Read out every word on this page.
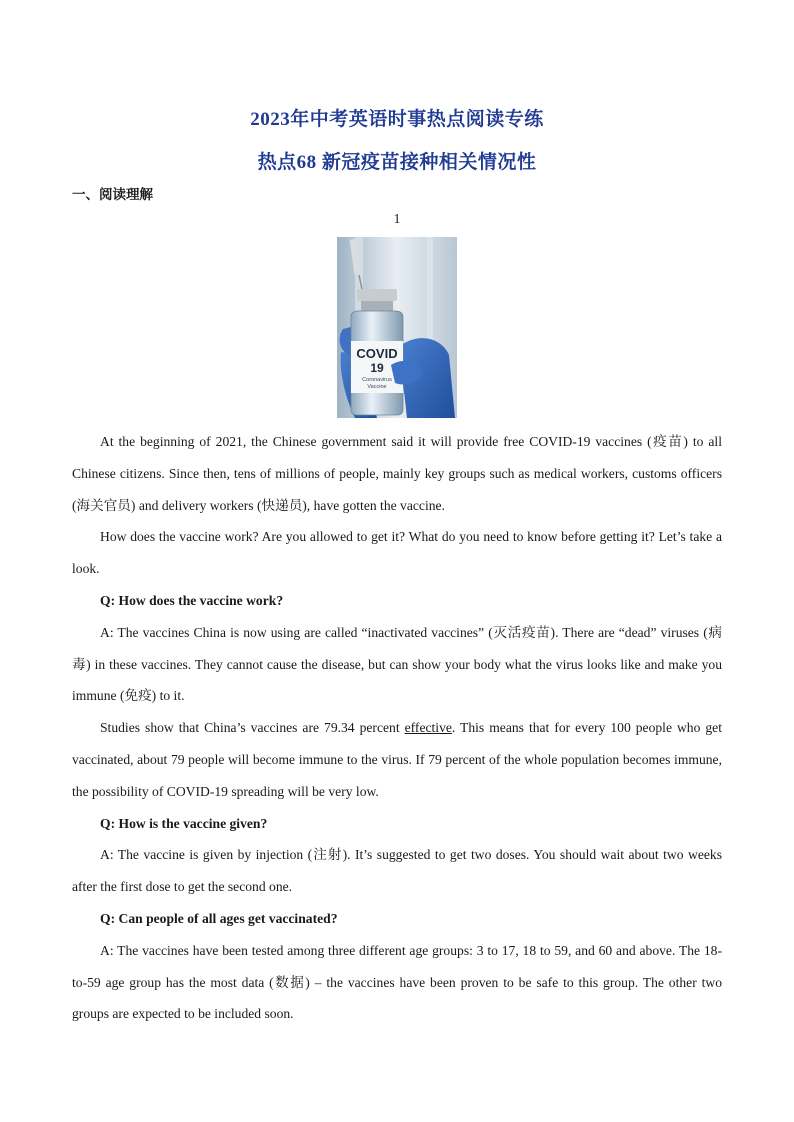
2023年中考英语时事热点阅读专练
热点68 新冠疫苗接种相关情况性
一、阅读理解
1
COVID
19
Coronavirus
Vaccine

At the beginning of 2021, the Chinese government said it will provide free COVID-19 vaccines (疫苗) to all Chinese citizens. Since then, tens of millions of people, mainly key groups such as medical workers, customs officers (海关官员) and delivery workers (快递员), have gotten the vaccine.

How does the vaccine work? Are you allowed to get it? What do you need to know before getting it? Let’s take a look.

Q: How does the vaccine work?

A: The vaccines China is now using are called “inactivated vaccines” (灭活疫苗). There are “dead” viruses (病毒) in these vaccines. They cannot cause the disease, but can show your body what the virus looks like and make you immune (免疫) to it.

Studies show that China’s vaccines are 79.34 percent effective. This means that for every 100 people who get vaccinated, about 79 people will become immune to the virus. If 79 percent of the whole population becomes immune, the possibility of COVID-19 spreading will be very low.

Q: How is the vaccine given?

A: The vaccine is given by injection (注射). It’s suggested to get two doses. You should wait about two weeks after the first dose to get the second one.

Q: Can people of all ages get vaccinated?

A: The vaccines have been tested among three different age groups: 3 to 17, 18 to 59, and 60 and above. The 18-to-59 age group has the most data (数据) – the vaccines have been proven to be safe to this group. The other two groups are expected to be included soon.
